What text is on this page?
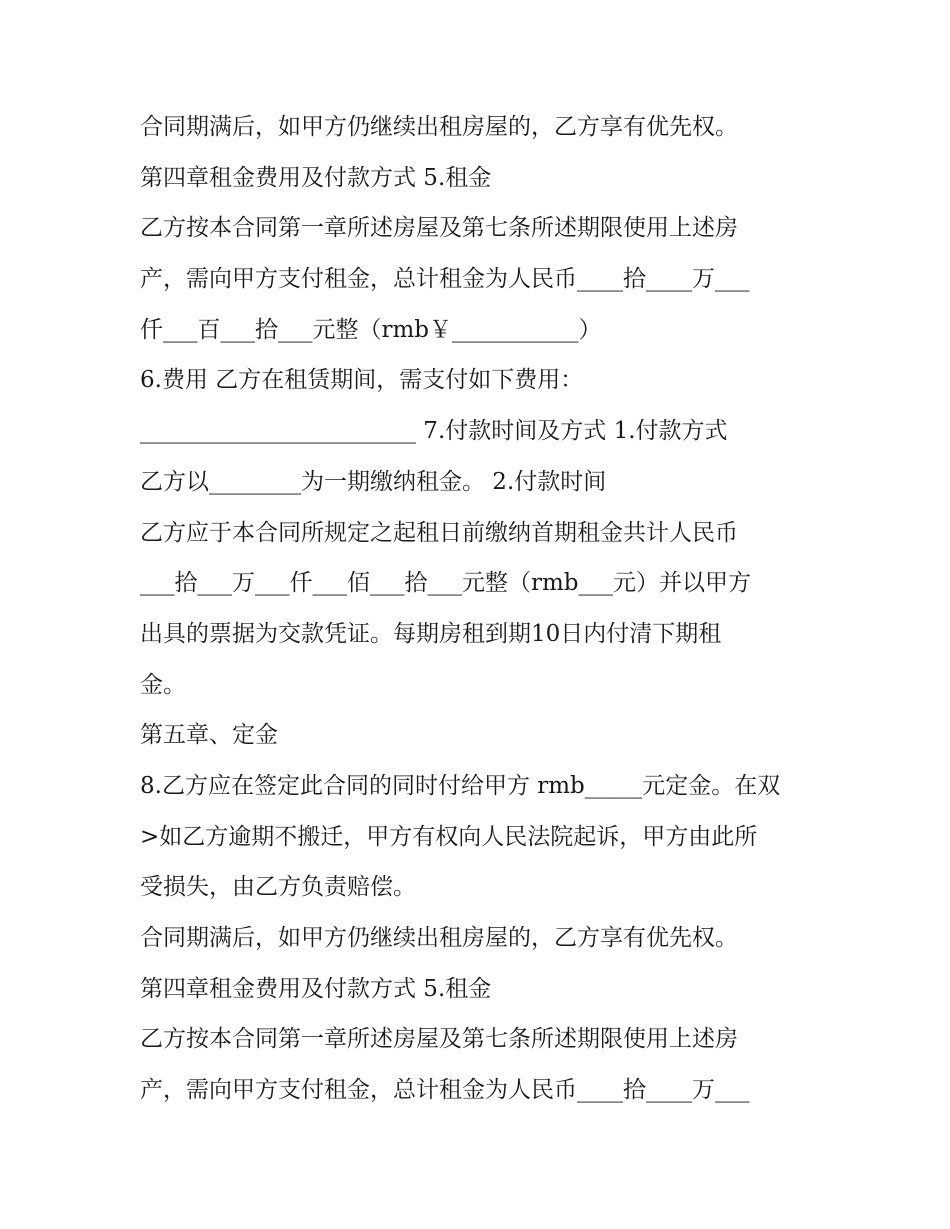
合同期满后，如甲方仍继续出租房屋的，乙方享有优先权。

第四章租金费用及付款方式 5.租金

乙方按本合同第一章所述房屋及第七条所述期限使用上述房

产，需向甲方支付租金，总计租金为人民币____拾____万___

仟___百___拾___元整（rmb￥___________）

6.费用 乙方在租赁期间，需支付如下费用：

________________________ 7.付款时间及方式 1.付款方式

乙方以________为一期缴纳租金。 2.付款时间

乙方应于本合同所规定之起租日前缴纳首期租金共计人民币

___拾___万___仟___佰___拾___元整（rmb___元）并以甲方

出具的票据为交款凭证。每期房租到期10日内付清下期租

金。

第五章、定金

8.乙方应在签定此合同的同时付给甲方 rmb_____元定金。在双

>如乙方逾期不搬迁，甲方有权向人民法院起诉，甲方由此所

受损失，由乙方负责赔偿。

合同期满后，如甲方仍继续出租房屋的，乙方享有优先权。

第四章租金费用及付款方式 5.租金

乙方按本合同第一章所述房屋及第七条所述期限使用上述房

产，需向甲方支付租金，总计租金为人民币____拾____万___
